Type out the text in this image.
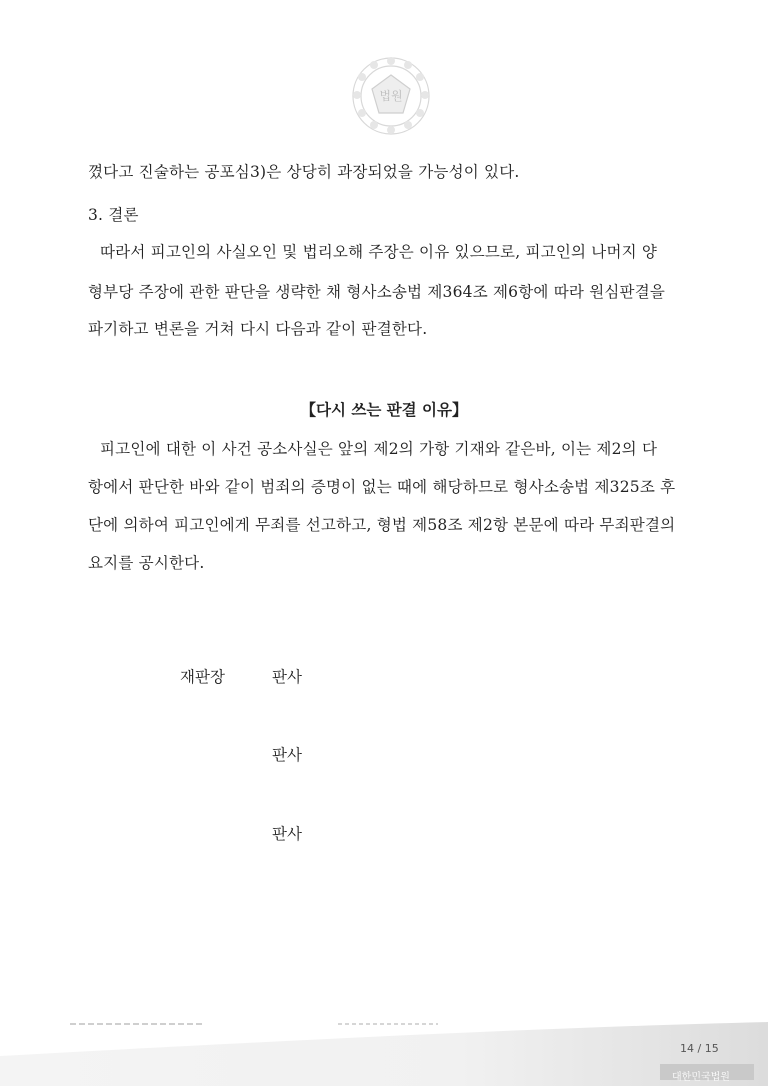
법원
꼈다고 진술하는 공포심3)은 상당히 과장되었을 가능성이 있다.
3. 결론
따라서 피고인의 사실오인 및 법리오해 주장은 이유 있으므로, 피고인의 나머지 양
형부당 주장에 관한 판단을 생략한 채 형사소송법 제364조 제6항에 따라 원심판결을
파기하고 변론을 거쳐 다시 다음과 같이 판결한다.
【다시 쓰는 판결 이유】
피고인에 대한 이 사건 공소사실은 앞의 제2의 가항 기재와 같은바, 이는 제2의 다
항에서 판단한 바와 같이 범죄의 증명이 없는 때에 해당하므로 형사소송법 제325조 후
단에 의하여 피고인에게 무죄를 선고하고, 형법 제58조 제2항 본문에 따라 무죄판결의
요지를 공시한다.
재판장	판사
판사
판사
14 / 15
대한민국법원
